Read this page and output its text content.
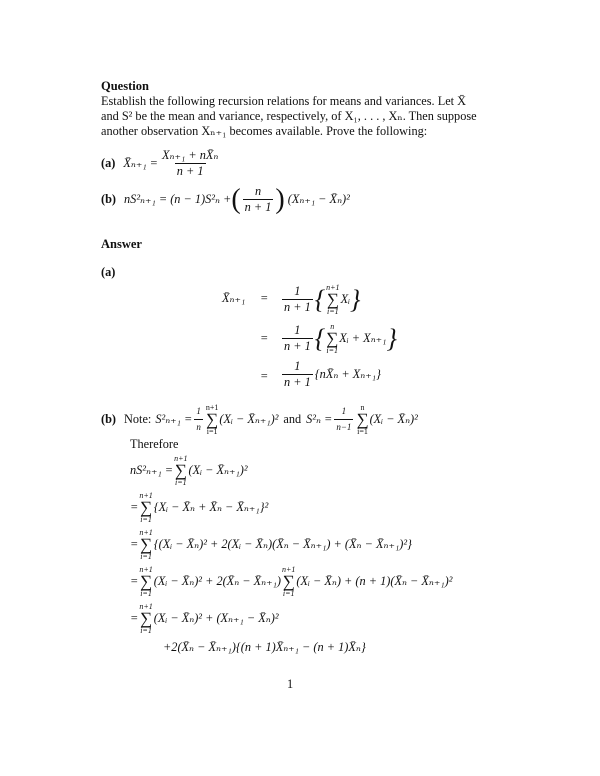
Question
Establish the following recursion relations for means and variances. Let X̄
and S² be the mean and variance, respectively, of X₁, . . . , Xₙ. Then suppose
another observation Xₙ₊₁ becomes available. Prove the following:
(a) X̄ₙ₊₁ = $\frac{\text{Xₙ₊₁ + nX̄ₙ}}{n + 1}$
(b) nS²ₙ₊₁ = (n − 1)S²ₙ + ( $\frac{n}{n + 1}$ ) (Xₙ₊₁ − X̄ₙ)²
Answer
(a)
X̄ₙ₊₁ = $\frac{1}{n + 1}$ { n+1
∑
i=1
Xᵢ }
= $\frac{1}{n + 1}$ { n
∑
i=1
Xᵢ + Xₙ₊₁ }
= $\frac{1}{n + 1}$ {nX̄ₙ + Xₙ₊₁}
(b) Note: $S^2_{n+1} = \frac{1}{n} n+1$
∑
i=1
(Xᵢ − X̄ₙ₊₁)² and $S^2_n = \frac{1}{n-1}$ n
∑
i=1
(Xᵢ − X̄ₙ)²
Therefore
nS²ₙ₊₁ =
n+1
∑
i=1
(Xᵢ − X̄ₙ₊₁)²
=
n+1
∑
i=1
{Xᵢ − X̄ₙ + X̄ₙ − X̄ₙ₊₁}²
=
n+1
∑
i=1
{(Xᵢ − X̄ₙ)² + 2(Xᵢ − X̄ₙ)(X̄ₙ − X̄ₙ₊₁) + (X̄ₙ − X̄ₙ₊₁)²}
=
n+1
∑
i=1
(Xᵢ − X̄ₙ)² + 2(X̄ₙ − X̄ₙ₊₁)
n+1
∑
i=1
(Xᵢ − X̄ₙ) + (n + 1)(X̄ₙ − X̄ₙ₊₁)²
=
n+1
∑
i=1
(Xᵢ − X̄ₙ)² + (Xₙ₊₁ − X̄ₙ)²
+2(X̄ₙ − X̄ₙ₊₁){(n + 1)X̄ₙ₊₁ − (n + 1)X̄ₙ}
1
